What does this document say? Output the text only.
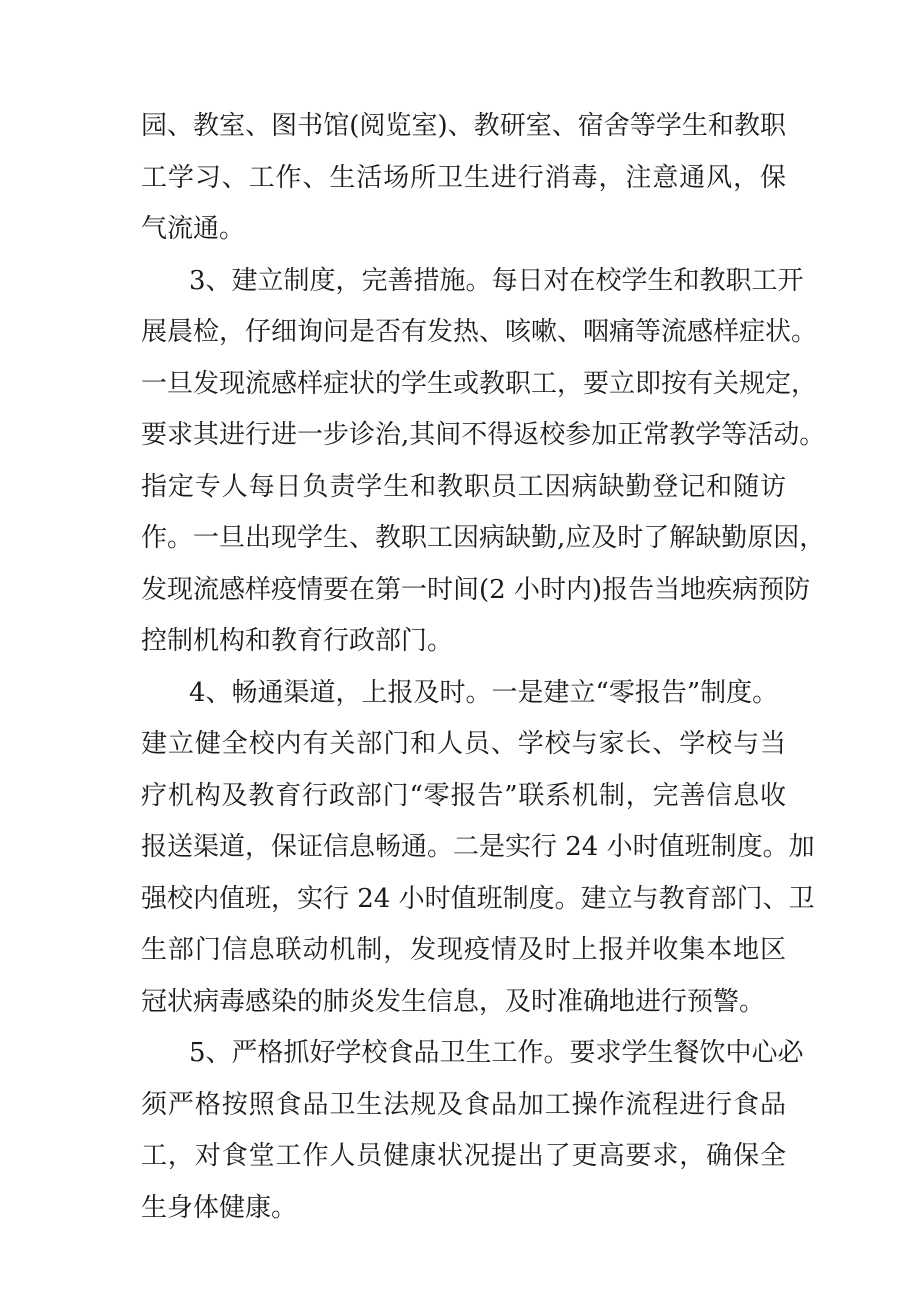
园、教室、图书馆(阅览室)、教研室、宿舍等学生和教职
工学习、工作、生活场所卫生进行消毒，注意通风，保
气流通。
3、建立制度，完善措施。每日对在校学生和教职工开
展晨检，仔细询问是否有发热、咳嗽、咽痛等流感样症状。
一旦发现流感样症状的学生或教职工，要立即按有关规定，
要求其进行进一步诊治,其间不得返校参加正常教学等活动。
指定专人每日负责学生和教职员工因病缺勤登记和随访
作。一旦出现学生、教职工因病缺勤,应及时了解缺勤原因，
发现流感样疫情要在第一时间(2 小时内)报告当地疾病预防
控制机构和教育行政部门。
4、畅通渠道，上报及时。一是建立“零报告”制度。
建立健全校内有关部门和人员、学校与家长、学校与当
疗机构及教育行政部门“零报告”联系机制，完善信息收
报送渠道，保证信息畅通。二是实行 24 小时值班制度。加
强校内值班，实行 24 小时值班制度。建立与教育部门、卫
生部门信息联动机制，发现疫情及时上报并收集本地区
冠状病毒感染的肺炎发生信息，及时准确地进行预警。
5、严格抓好学校食品卫生工作。要求学生餐饮中心必
须严格按照食品卫生法规及食品加工操作流程进行食品
工，对食堂工作人员健康状况提出了更高要求，确保全
生身体健康。
